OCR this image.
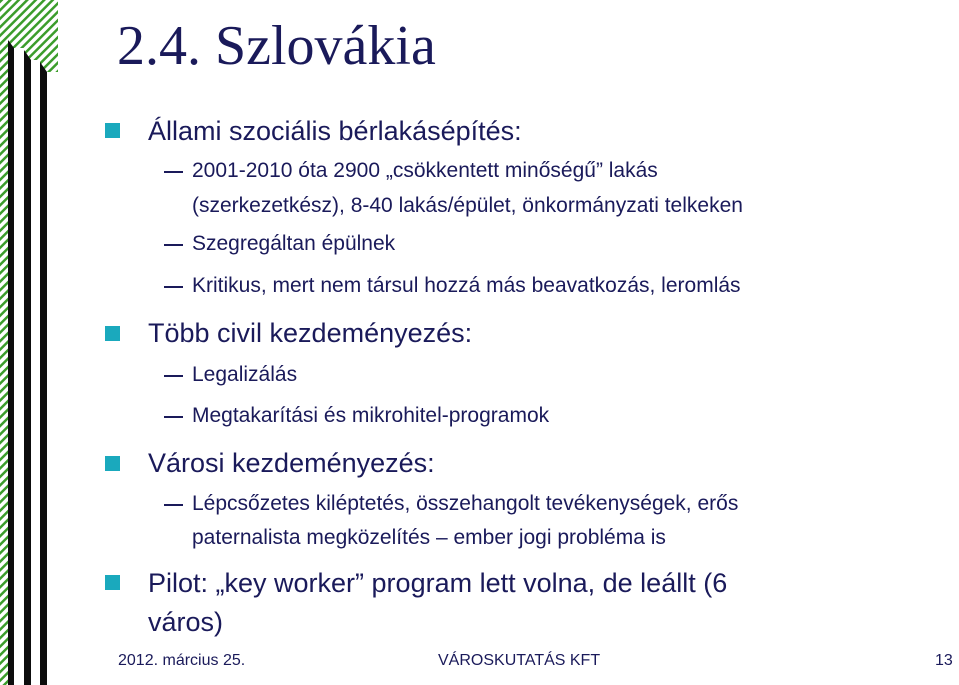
2.4. Szlovákia
Állami szociális bérlakásépítés:
2001-2010 óta 2900 „csökkentett minőségű” lakás
(szerkezetkész), 8-40 lakás/épület, önkormányzati telkeken
Szegregáltan épülnek
Kritikus, mert nem társul hozzá más beavatkozás, leromlás
Több civil kezdeményezés:
Legalizálás
Megtakarítási és mikrohitel-programok
Városi kezdeményezés:
Lépcsőzetes kiléptetés, összehangolt tevékenységek, erős
paternalista megközelítés – ember jogi probléma is
Pilot: „key worker” program lett volna, de leállt (6
város)
2012. március 25.	VÁROSKUTATÁS KFT	13
